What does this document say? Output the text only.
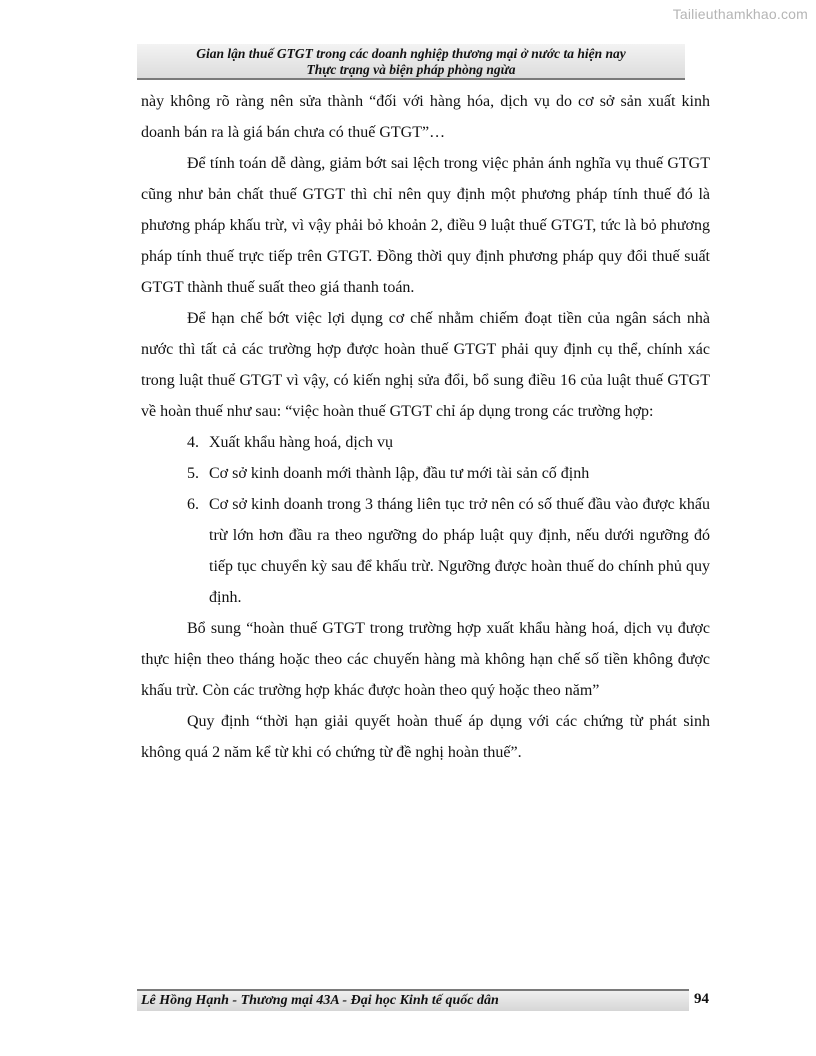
Tailieuthamkhao.com
Gian lận thuế GTGT trong các doanh nghiệp thương mại ở nước ta hiện nay
Thực trạng và biện pháp phòng ngừa

này không rõ ràng nên sửa thành “đối với hàng hóa, dịch vụ do cơ sở sản xuất kinh doanh bán ra là giá bán chưa có thuế GTGT”…

Để tính toán dễ dàng, giảm bớt sai lệch trong việc phản ánh nghĩa vụ thuế GTGT cũng như bản chất thuế GTGT thì chỉ nên quy định một phương pháp tính thuế đó là phương pháp khấu trừ, vì vậy phải bỏ khoản 2, điều 9 luật thuế GTGT, tức là bỏ phương pháp tính thuế trực tiếp trên GTGT. Đồng thời quy định phương pháp quy đổi thuế suất GTGT thành thuế suất theo giá thanh toán.

Để hạn chế bớt việc lợi dụng cơ chế nhằm chiếm đoạt tiền của ngân sách nhà nước thì tất cả các trường hợp được hoàn thuế GTGT phải quy định cụ thể, chính xác trong luật thuế GTGT vì vậy, có kiến nghị sửa đổi, bổ sung điều 16 của luật thuế GTGT về hoàn thuế như sau: “việc hoàn thuế GTGT chỉ áp dụng trong các trường hợp:

4. Xuất khẩu hàng hoá, dịch vụ
5. Cơ sở kinh doanh mới thành lập, đầu tư mới tài sản cố định
6. Cơ sở kinh doanh trong 3 tháng liên tục trở nên có số thuế đầu vào được khấu trừ lớn hơn đầu ra theo ngưỡng do pháp luật quy định, nếu dưới ngưỡng đó tiếp tục chuyển kỳ sau để khấu trừ. Ngưỡng được hoàn thuế do chính phủ quy định.

Bổ sung “hoàn thuế GTGT trong trường hợp xuất khẩu hàng hoá, dịch vụ được thực hiện theo tháng hoặc theo các chuyến hàng mà không hạn chế số tiền không được khấu trừ. Còn các trường hợp khác được hoàn theo quý hoặc theo năm”

Quy định “thời hạn giải quyết hoàn thuế áp dụng với các chứng từ phát sinh không quá 2 năm kể từ khi có chứng từ đề nghị hoàn thuế”.

Lê Hồng Hạnh - Thương mại 43A - Đại học Kinh tế quốc dân	94
